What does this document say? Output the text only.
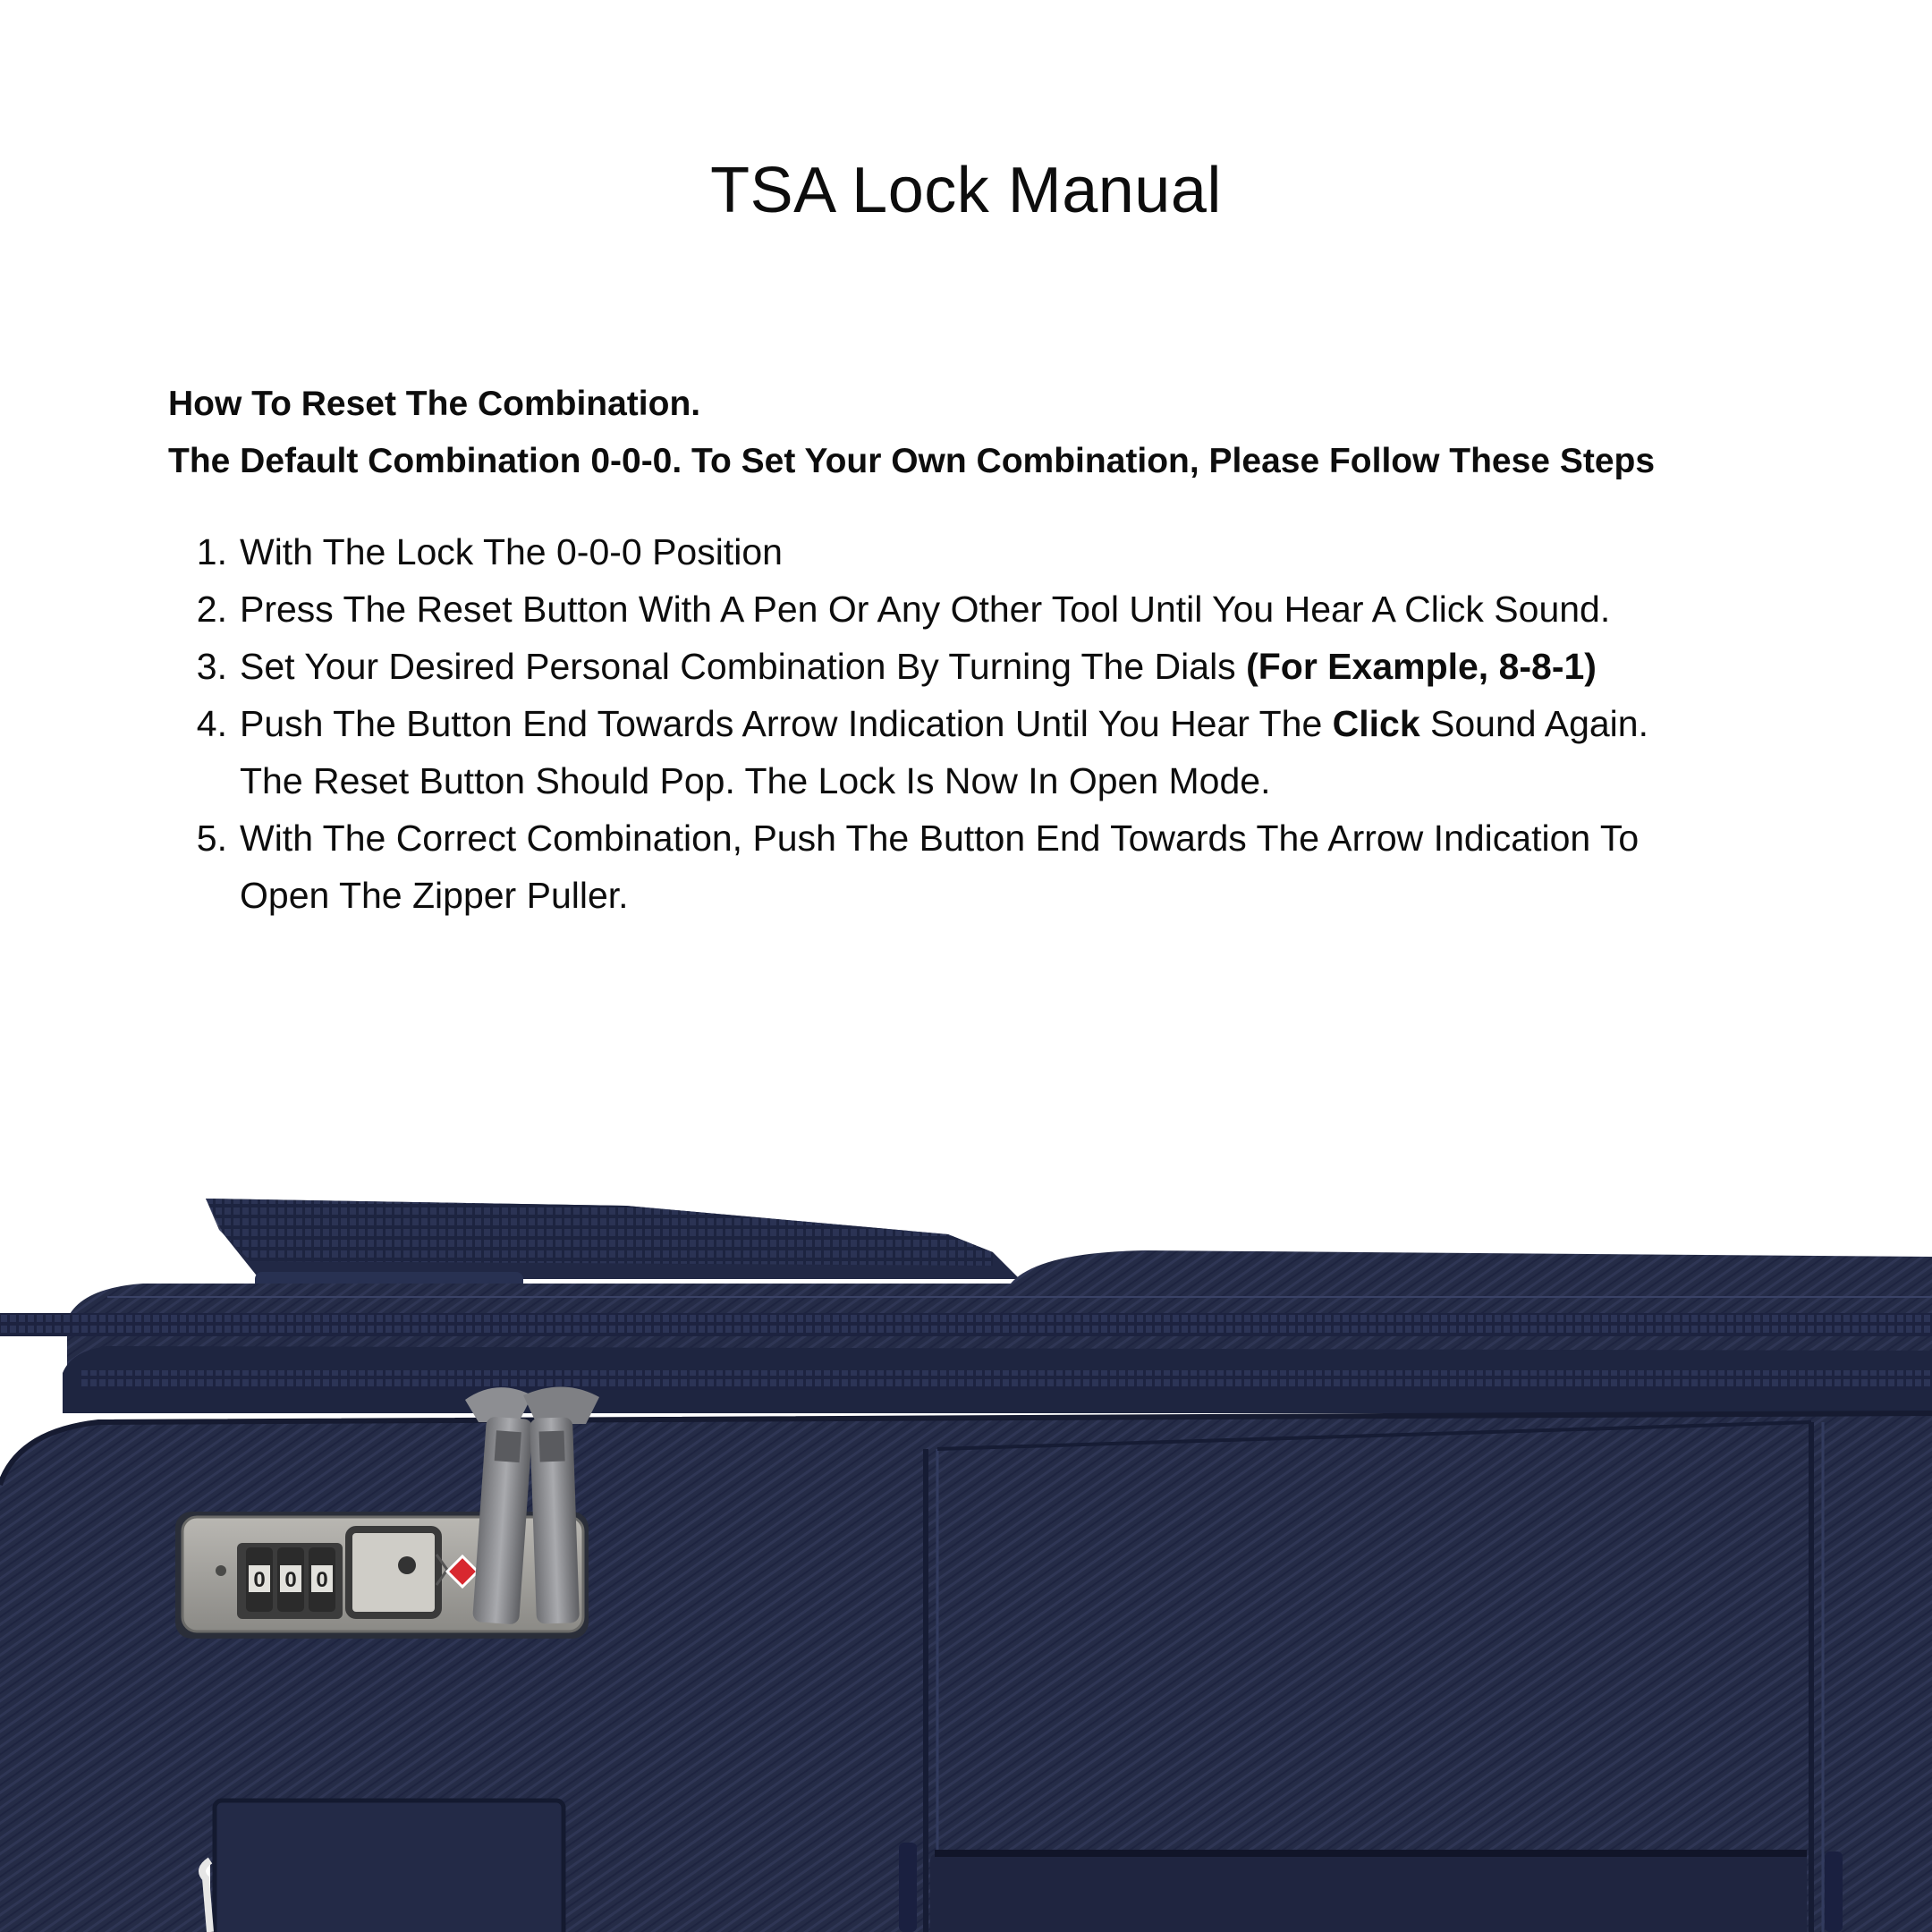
TSA Lock Manual
How To Reset The Combination.
The Default Combination 0-0-0. To Set Your Own Combination, Please Follow These Steps
1. With The Lock The 0-0-0 Position
2. Press The Reset Button With A Pen Or Any Other Tool Until You Hear A Click Sound.
3. Set Your Desired Personal Combination By Turning The Dials (For Example, 8-8-1)
4. Push The Button End Towards Arrow Indication Until You Hear The Click Sound Again.
The Reset Button Should Pop. The Lock Is Now In Open Mode.
5. With The Correct Combination, Push The Button End Towards The Arrow Indication To
Open The Zipper Puller.
0 0 0
